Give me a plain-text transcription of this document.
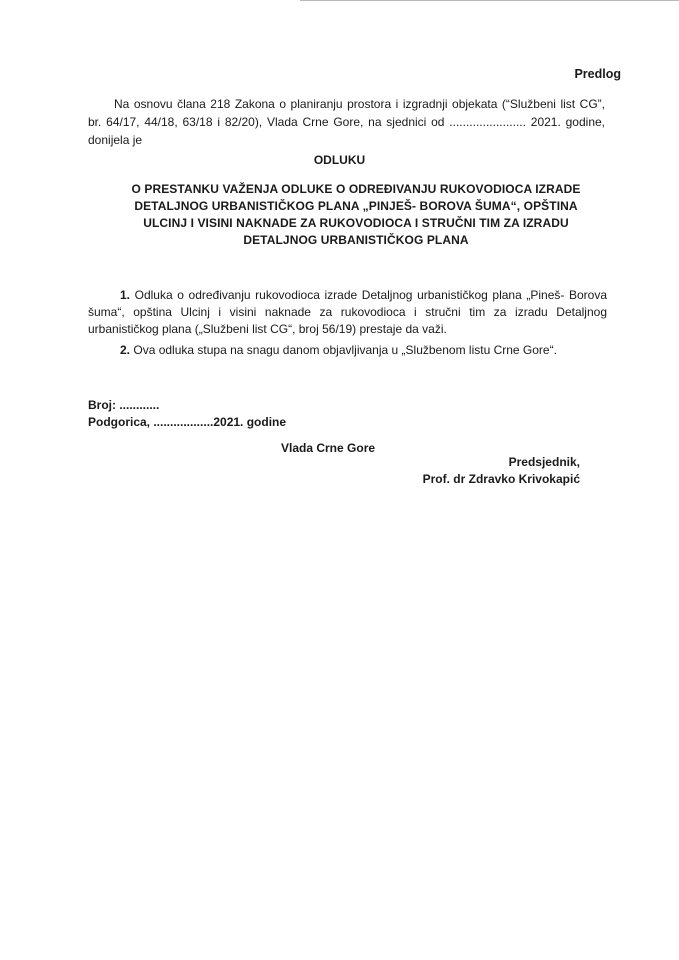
Predlog

Na osnovu člana 218 Zakona o planiranju prostora i izgradnji objekata (“Službeni list CG”, br. 64/17, 44/18, 63/18 i 82/20), Vlada Crne Gore, na sjednici od ....................... 2021. godine, donijela je

ODLUKU
O PRESTANKU VAŽENJA ODLUKE O ODREĐIVANJU RUKOVODIOCA IZRADE
DETALJNOG URBANISTIČKOG PLANA „PINJEŠ- BOROVA ŠUMA“, OPŠTINA
ULCINJ I VISINI NAKNADE ZA RUKOVODIOCA I STRUČNI TIM ZA IZRADU
DETALJNOG URBANISTIČKOG PLANA

1. Odluka o određivanju rukovodioca izrade Detaljnog urbanističkog plana „Pineš- Borova šuma“, opština Ulcinj i visini naknade za rukovodioca i stručni tim za izradu Detaljnog urbanističkog plana („Službeni list CG“, broj 56/19) prestaje da važi.

2. Ova odluka stupa na snagu danom objavljivanja u „Službenom listu Crne Gore“.

Broj: ............
Podgorica, ..................2021. godine
Vlada Crne Gore
Predsjednik,
Prof. dr Zdravko Krivokapić
